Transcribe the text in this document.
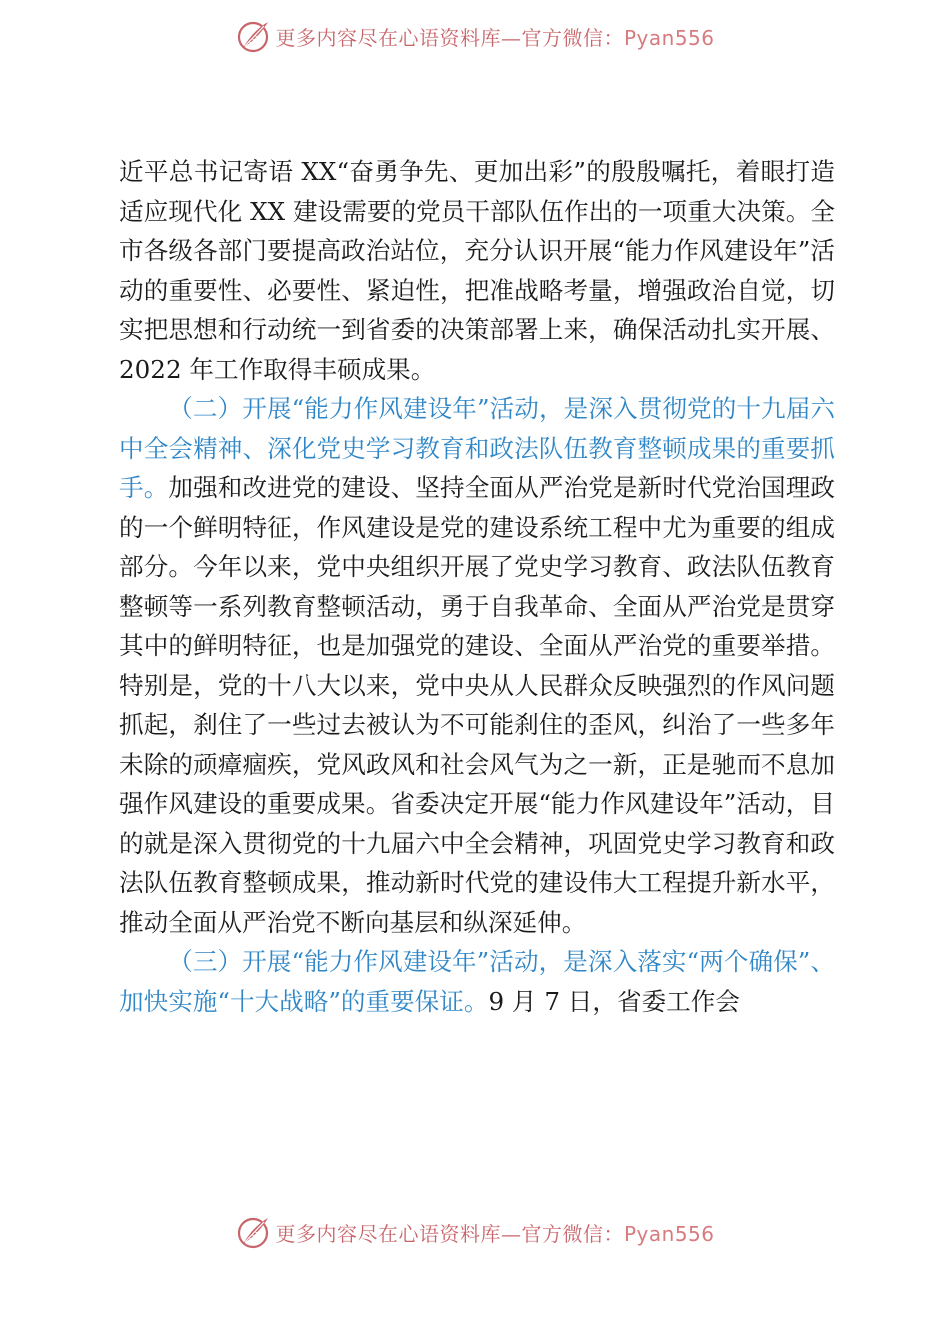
更多内容尽在心语资料库—官方微信：Pyan556

近平总书记寄语 XX“奋勇争先、更加出彩”的殷殷嘱托，着眼打造适应现代化 XX 建设需要的党员干部队伍作出的一项重大决策。全市各级各部门要提高政治站位，充分认识开展“能力作风建设年”活动的重要性、必要性、紧迫性，把准战略考量，增强政治自觉，切实把思想和行动统一到省委的决策部署上来，确保活动扎实开展、2022 年工作取得丰硕成果。

（二）开展“能力作风建设年”活动，是深入贯彻党的十九届六中全会精神、深化党史学习教育和政法队伍教育整顿成果的重要抓手。加强和改进党的建设、坚持全面从严治党是新时代党治国理政的一个鲜明特征，作风建设是党的建设系统工程中尤为重要的组成部分。今年以来，党中央组织开展了党史学习教育、政法队伍教育整顿等一系列教育整顿活动，勇于自我革命、全面从严治党是贯穿其中的鲜明特征，也是加强党的建设、全面从严治党的重要举措。特别是，党的十八大以来，党中央从人民群众反映强烈的作风问题抓起，刹住了一些过去被认为不可能刹住的歪风，纠治了一些多年未除的顽瘴痼疾，党风政风和社会风气为之一新，正是驰而不息加强作风建设的重要成果。省委决定开展“能力作风建设年”活动，目的就是深入贯彻党的十九届六中全会精神，巩固党史学习教育和政法队伍教育整顿成果，推动新时代党的建设伟大工程提升新水平，推动全面从严治党不断向基层和纵深延伸。

（三）开展“能力作风建设年”活动，是深入落实“两个确保”、加快实施“十大战略”的重要保证。9 月 7 日，省委工作会

更多内容尽在心语资料库—官方微信：Pyan556
